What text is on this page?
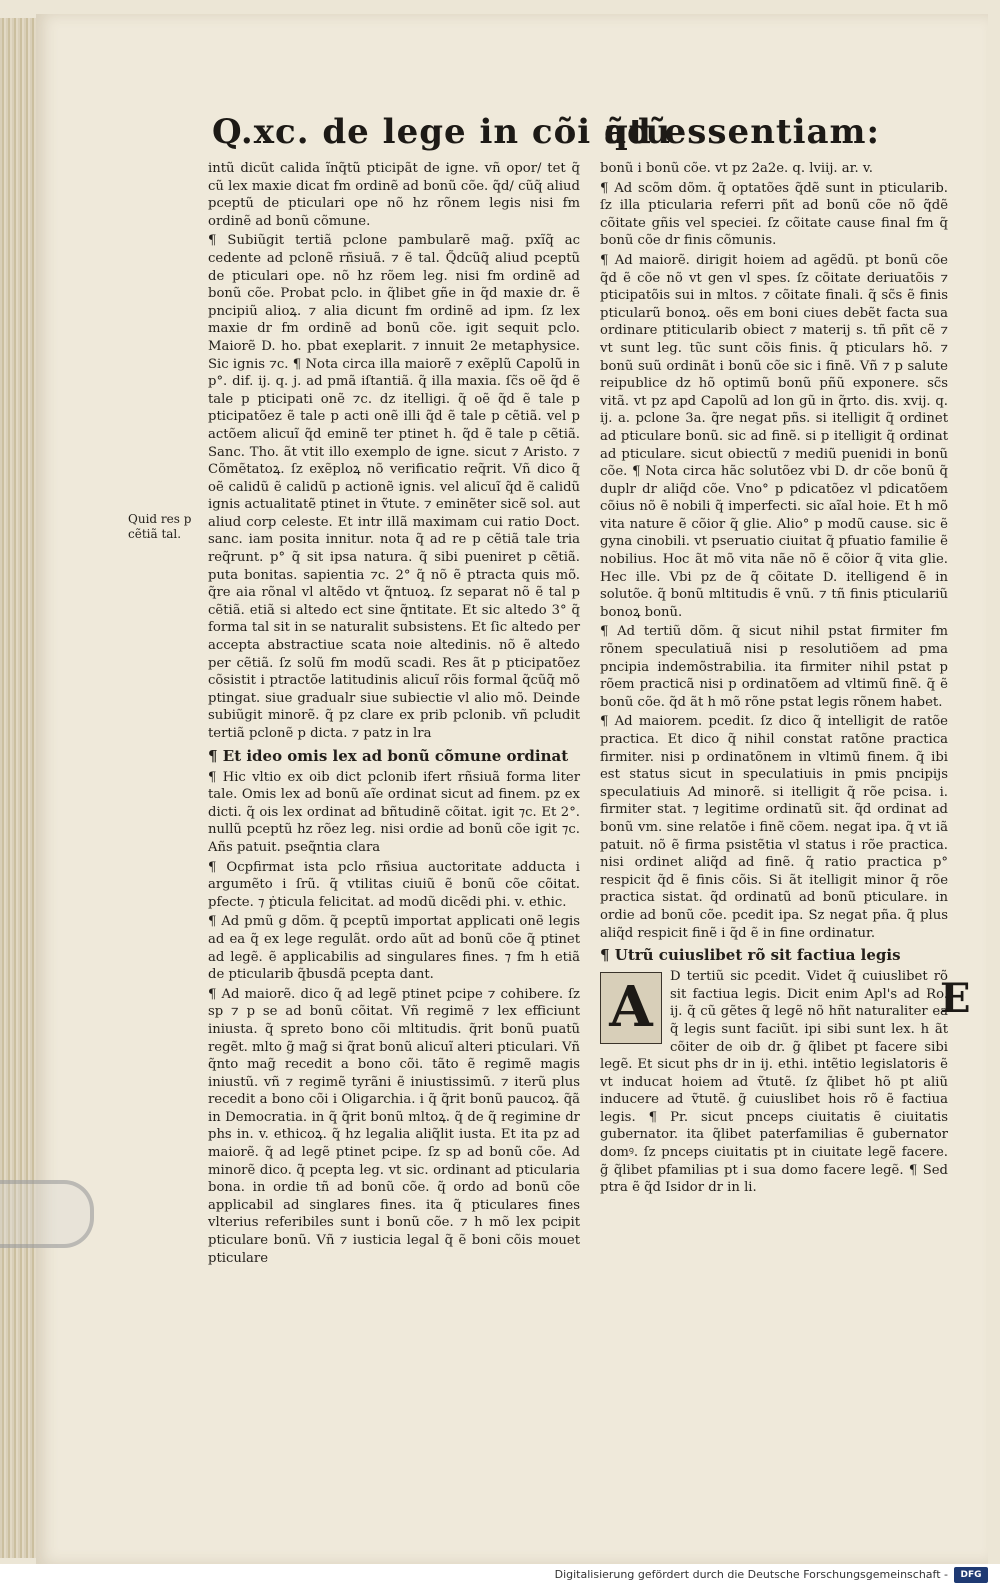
Q.xc. de lege in cõi q̃tũ
ad essentiam:
Quid res p cẽtiã tal.

intũ dicũt calida ĩnq̃tũ pticipãt de igne. vñ opor/ tet q̃ cũ lex maxie dicat fm ordinẽ ad bonũ cõe. q̃d/ cũq̃ aliud pceptũ de pticulari ope nõ hz rõnem legis nisi fm ordinẽ ad bonũ cõmune.

¶ Subiũgit tertiã pclone pambularẽ mag̃. pxĩq̃ ac cedente ad pclonẽ rñsiuã. ⁊ ẽ tal. Q̃dcũq̃ aliud pceptũ de pticulari ope. nõ hz rõem leg. nisi fm ordinẽ ad bonũ cõe. Probat pclo. in q̃libet gñe in q̃d maxie dr. ẽ pncipiũ alioꝝ. ⁊ alia dicunt fm ordinẽ ad ipm. ſz lex maxie dr fm ordinẽ ad bonũ cõe. igit sequit pclo. Maiorẽ D. ho. pbat exeplarit. ⁊ innuit 2e metaphysice. Sic ignis ⁊c. ¶ Nota circa illa maiorẽ ⁊ exẽplũ Capolũ in p°. dif. ij. q. j. ad pmã iſtantiã. q̃ illa maxia. ſc̃s oẽ q̃d ẽ tale p pticipati onẽ ⁊c. dz itelligi. q̃ oẽ q̃d ẽ tale p pticipatõez ẽ tale p acti onẽ illi q̃d ẽ tale p cẽtiã. vel p actõem alicuĩ q̃d eminẽ ter ptinet h. q̃d ẽ tale p cẽtiã. Sanc. Tho. ãt vtit illo exemplo de igne. sicut ⁊ Aristo. ⁊ Cõmẽtatoꝝ. ſz exẽploꝝ nõ verificatio req̃rit. Vñ dico q̃ oẽ calidũ ẽ calidũ p actionẽ ignis. vel alicuĩ q̃d ẽ calidũ ignis actualitatẽ ptinet in ṽtute. ⁊ eminẽter sicẽ sol. aut aliud corp celeste. Et intr illã maximam cui ratio Doct. sanc. iam posita innitur. nota q̃ ad re p cẽtiã tale tria req̃runt. p° q̃ sit ipsa natura. q̃ sibi pueniret p cẽtiã. puta bonitas. sapientia ⁊c. 2° q̃ nõ ẽ ptracta quis mõ. q̃re aia rõnal vl altẽdo vt q̃ntuoꝝ. ſz separat nõ ẽ tal p cẽtiã. etiã si altedo ect sine q̃ntitate. Et sic altedo 3° q̃ forma tal sit in se naturalit subsistens. Et ſic altedo per accepta abstractiue scata noie altedinis. nõ ẽ altedo per cẽtiã. ſz solũ fm modũ scadi. Res ãt p pticipatõez cõsistit i ptractõe latitudinis alicuĩ rõis formal q̃cũq̃ mõ ptingat. siue gradualr siue subiectie vl alio mõ. Deinde subiũgit minorẽ. q̃ pz clare ex prib pclonib. vñ pcludit tertiã pclonẽ p dicta. ⁊ patz in lra

¶ Et ideo omis lex ad bonũ cõmune ordinat

¶ Hic vltio ex oib dict pclonib ifert rñsiuã forma liter tale. Omis lex ad bonũ aĩe ordinat sicut ad finem. pz ex dicti. q̃ ois lex ordinat ad bñtudinẽ cõitat. igit ⁊c. Et 2°. nullũ pceptũ hz rõez leg. nisi ordie ad bonũ cõe igit ⁊c. Añs patuit. pseq̃ntia clara

¶ Ocpfirmat ista pclo rñsiua auctoritate adducta i argumẽto i ſrũ. q̃ vtilitas ciuiũ ẽ bonũ cõe cõitat. pfecte. ⁊ ṗticula felicitat. ad modũ dicẽdi phi. v. ethic.

¶ Ad pmũ g dõm. q̃ pceptũ importat applicati onẽ legis ad ea q̃ ex lege regulãt. ordo aũt ad bonũ cõe q̃ ptinet ad legẽ. ẽ applicabilis ad singulares fines. ⁊ fm h etiã de pticularib q̃busdã pcepta dant.

¶ Ad maiorẽ. dico q̃ ad legẽ ptinet pcipe ⁊ cohibere. ſz sp ⁊ p se ad bonũ cõitat. Vñ regimẽ ⁊ lex efficiunt iniusta. q̃ spreto bono cõi mltitudis. q̃rit bonũ puatũ regẽt. mlto g̃ mag̃ si q̃rat bonũ alicuĩ alteri pticulari. Vñ q̃nto mag̃ recedit a bono cõi. tãto ẽ regimẽ magis iniustũ. vñ ⁊ regimẽ tyrãni ẽ iniustissimũ. ⁊ iterũ plus recedit a bono cõi i Oligarchia. i q̃ q̃rit bonũ paucoꝝ. q̃ã in Democratia. in q̃ q̃rit bonũ mltoꝝ. q̃ de q̃ regimine dr phs in. v. ethicoꝝ. q̃ hz legalia aliq̃lit iusta. Et ita pz ad maiorẽ. q̃ ad legẽ ptinet pcipe. ſz sp ad bonũ cõe. Ad minorẽ dico. q̃ pcepta leg. vt sic. ordinant ad pticularia bona. in ordie tñ ad bonũ cõe. q̃ ordo ad bonũ cõe applicabil ad singlares fines. ita q̃ pticulares fines vlterius referibiles sunt i bonũ cõe. ⁊ h mõ lex pcipit pticulare bonũ. Vñ ⁊ iusticia legal q̃ ẽ boni cõis mouet pticulare

bonũ i bonũ cõe. vt pz 2a2e. q. lviij. ar. v.

¶ Ad scõm dõm. q̃ optatões q̃dẽ sunt in pticularib. ſz illa pticularia referri pñt ad bonũ cõe nõ q̃dẽ cõitate gñis vel speciei. ſz cõitate cause final fm q̃ bonũ cõe dr finis cõmunis.

¶ Ad maiorẽ. dirigit hoiem ad agẽdũ. pt bonũ cõe q̃d ẽ cõe nõ vt gen vl spes. ſz cõitate deriuatõis ⁊ pticipatõis sui in mltos. ⁊ cõitate finali. q̃ sc̃s ẽ finis pticularũ bonoꝝ. oẽs em boni ciues debẽt facta sua ordinare ptiticularib obiect ⁊ materij s. tñ pñt cẽ ⁊ vt sunt leg. tũc sunt cõis finis. q̃ pticulars hõ. ⁊ bonũ suũ ordinãt i bonũ cõe sic i finẽ. Vñ ⁊ p salute reipublice dz hõ optimũ bonũ pñũ exponere. sc̃s vitã. vt pz apd Capolũ ad lon gũ in q̃rto. dis. xvij. q. ij. a. pclone 3a. q̃re negat pñs. si itelligit q̃ ordinet ad pticulare bonũ. sic ad finẽ. si p itelligit q̃ ordinat ad pticulare. sicut obiectũ ⁊ mediũ puenidi in bonũ cõe. ¶ Nota circa hãc solutõez vbi D. dr cõe bonũ q̃ duplr dr aliq̃d cõe. Vno° p pdicatõez vl pdicatõem cõius nõ ẽ nobili q̃ imperfecti. sic aĩal hoie. Et h mõ vita nature ẽ cõior q̃ glie. Alio° p modũ cause. sic ẽ gyna cinobili. vt pseruatio ciuitat q̃ pfuatio familie ẽ nobilius. Hoc ãt mõ vita nãe nõ ẽ cõior q̃ vita glie. Hec ille. Vbi pz de q̃ cõitate D. itelligend ẽ in solutõe. q̃ bonũ mltitudis ẽ vnũ. ⁊ tñ finis pticulariũ bonoꝝ bonũ.

¶ Ad tertiũ dõm. q̃ sicut nihil pstat firmiter fm rõnem speculatiuã nisi p resolutiõem ad pma pncipia indemõstrabilia. ita firmiter nihil pstat p rõem practicã nisi p ordinatõem ad vltimũ finẽ. q̃ ẽ bonũ cõe. q̃d ãt h mõ rõne pstat legis rõnem habet.

¶ Ad maiorem. pcedit. ſz dico q̃ intelligit de ratõe practica. Et dico q̃ nihil constat ratõne practica firmiter. nisi p ordinatõnem in vltimũ finem. q̃ ibi est status sicut in speculatiuis in pmis pncipijs speculatiuis Ad minorẽ. si itelligit q̃ rõe pcisa. i. firmiter stat. ⁊ legitime ordinatũ sit. q̃d ordinat ad bonũ vm. sine relatõe i finẽ cõem. negat ipa. q̃ vt iã patuit. nõ ẽ firma psistẽtia vl status i rõe practica. nisi ordinet aliq̃d ad finẽ. q̃ ratio practica p° respicit q̃d ẽ finis cõis. Si ãt itelligit minor q̃ rõe practica sistat. q̃d ordinatũ ad bonũ pticulare. in ordie ad bonũ cõe. pcedit ipa. Sz negat pña. q̃ plus aliq̃d respicit finẽ i q̃d ẽ in fine ordinatur.

¶ Utrũ cuiuslibet rõ sit factiua legis

A	D tertiũ sic pcedit. Videt q̃ cuiuslibet rõ sit factiua legis. Dicit enim Apl's ad Ro. ij. q̃ cũ gẽtes q̃ legẽ nõ hñt naturaliter ea q̃ legis sunt faciũt. ipi sibi sunt lex. h ãt cõiter de oib dr. g̃ q̃libet pt facere sibi legẽ. Et sicut phs dr in ij. ethi. intẽtio legislatoris ẽ vt inducat hoiem ad ṽtutẽ. ſz q̃libet hõ pt aliũ inducere ad ṽtutẽ. g̃ cuiuslibet hois rõ ẽ factiua legis. ¶ Pr. sicut pnceps ciuitatis ẽ ciuitatis gubernator. ita q̃libet paterfamilias ẽ gubernator domꝰ. ſz pnceps ciuitatis pt in ciuitate legẽ facere. g̃ q̃libet pfamilias pt i sua domo facere legẽ. ¶ Sed ptra ẽ q̃d Isidor dr in li.

E
Digitalisierung gefördert durch die Deutsche Forschungsgemeinschaft -	DFG
